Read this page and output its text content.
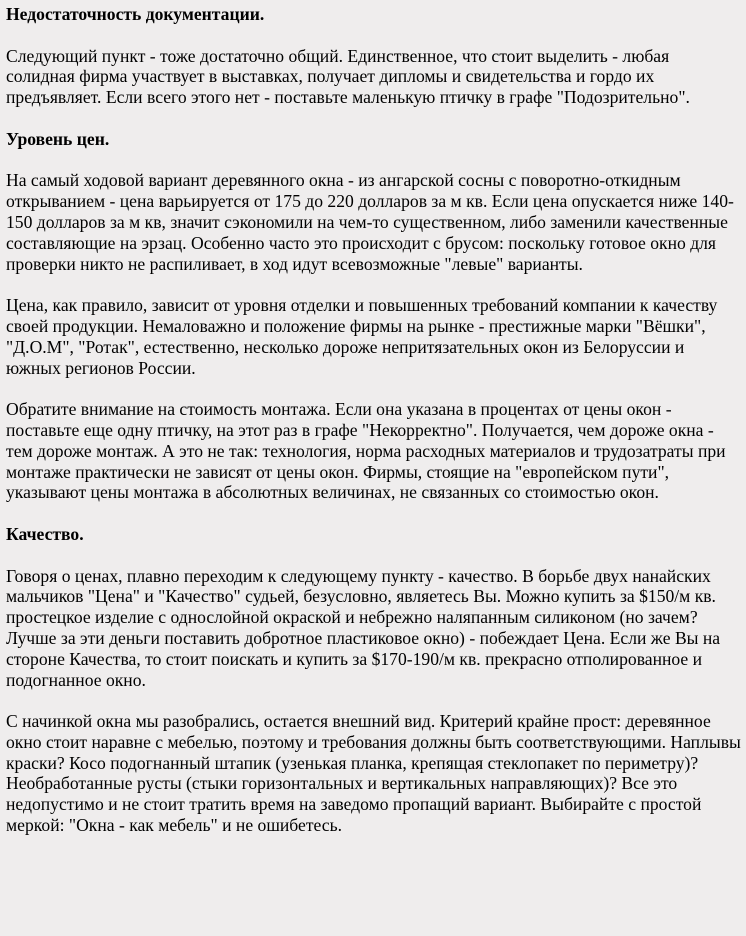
Недостаточность документации.

Следующий пункт - тоже достаточно общий. Единственное, что стоит выделить - любая солидная фирма участвует в выставках, получает дипломы и свидетельства и гордо их предъявляет. Если всего этого нет - поставьте маленькую птичку в графе "Подозрительно".

Уровень цен.

На самый ходовой вариант деревянного окна - из ангарской сосны с поворотно-откидным открыванием - цена варьируется от 175 до 220 долларов за м кв. Если цена опускается ниже 140-150 долларов за м кв, значит сэкономили на чем-то существенном, либо заменили качественные составляющие на эрзац. Особенно часто это происходит с брусом: поскольку готовое окно для проверки никто не распиливает, в ход идут всевозможные "левые" варианты.

Цена, как правило, зависит от уровня отделки и повышенных требований компании к качеству своей продукции. Немаловажно и положение фирмы на рынке - престижные марки "Вёшки", "Д.О.М", "Ротак", естественно, несколько дороже непритязательных окон из Белоруссии и южных регионов России.

Обратите внимание на стоимость монтажа. Если она указана в процентах от цены окон - поставьте еще одну птичку, на этот раз в графе "Некорректно". Получается, чем дороже окна - тем дороже монтаж. А это не так: технология, норма расходных материалов и трудозатраты при монтаже практически не зависят от цены окон. Фирмы, стоящие на "европейском пути", указывают цены монтажа в абсолютных величинах, не связанных со стоимостью окон.

Качество.

Говоря о ценах, плавно переходим к следующему пункту - качество. В борьбе двух нанайских мальчиков "Цена" и "Качество" судьей, безусловно, являетесь Вы. Можно купить за $150/м кв. простецкое изделие с однослойной окраской и небрежно наляпанным силиконом (но зачем? Лучше за эти деньги поставить добротное пластиковое окно) - побеждает Цена. Если же Вы на стороне Качества, то стоит поискать и купить за $170-190/м кв. прекрасно отполированное и подогнанное окно.

С начинкой окна мы разобрались, остается внешний вид. Критерий крайне прост: деревянное окно стоит наравне с мебелью, поэтому и требования должны быть соответствующими. Наплывы краски? Косо подогнанный штапик (узенькая планка, крепящая стеклопакет по периметру)? Необработанные русты (стыки горизонтальных и вертикальных направляющих)? Все это недопустимо и не стоит тратить время на заведомо пропащий вариант. Выбирайте с простой меркой: "Окна - как мебель" и не ошибетесь.
